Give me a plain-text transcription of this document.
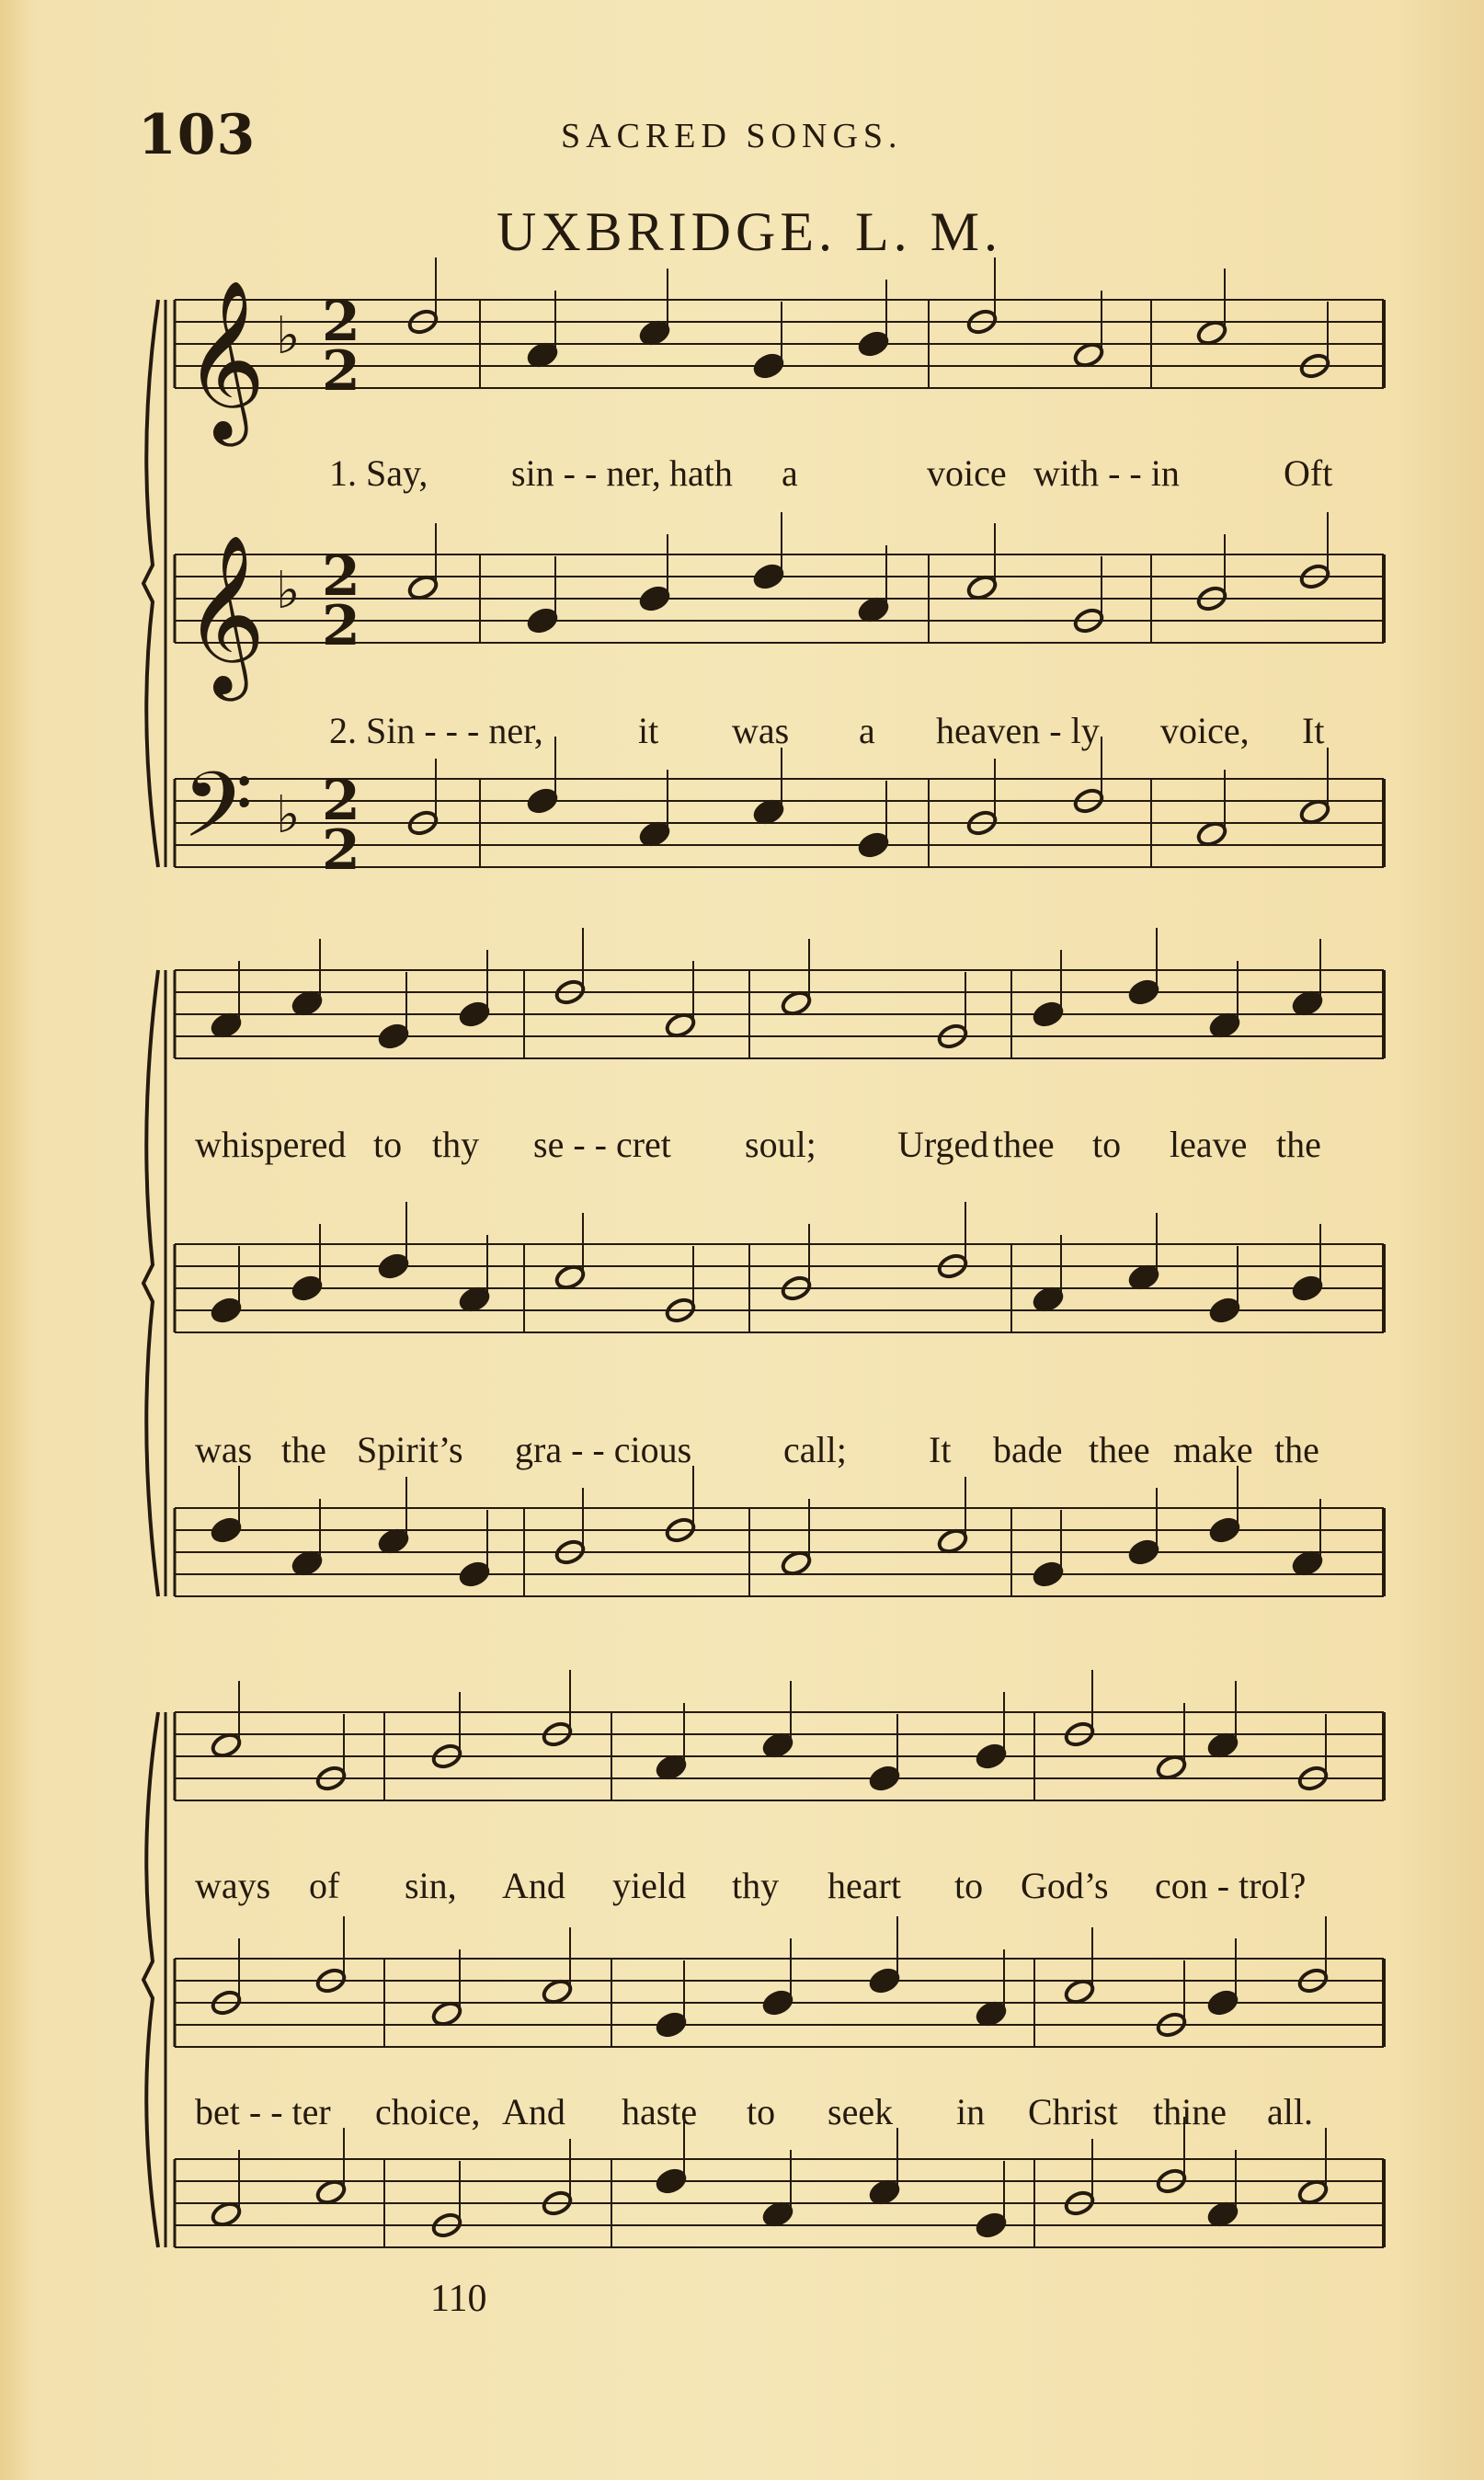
103	SACRED SONGS.
UXBRIDGE. L. M.
110
𝄞 ♭ 2
2
𝄞 ♭ 2
2
𝄢 ♭ 2
2
1. Say, sin - - ner, hath a	voice with - - in	Oft
2. Sin - - - ner,	it was a heaven - ly voice, It
whispered to thy se - - cret soul; Urged thee to leave the
was the Spirit’s gra - - cious call; It bade thee make the
ways of sin, And yield thy heart to God’s con - trol?
bet - - ter choice, And haste to seek in Christ thine all.
